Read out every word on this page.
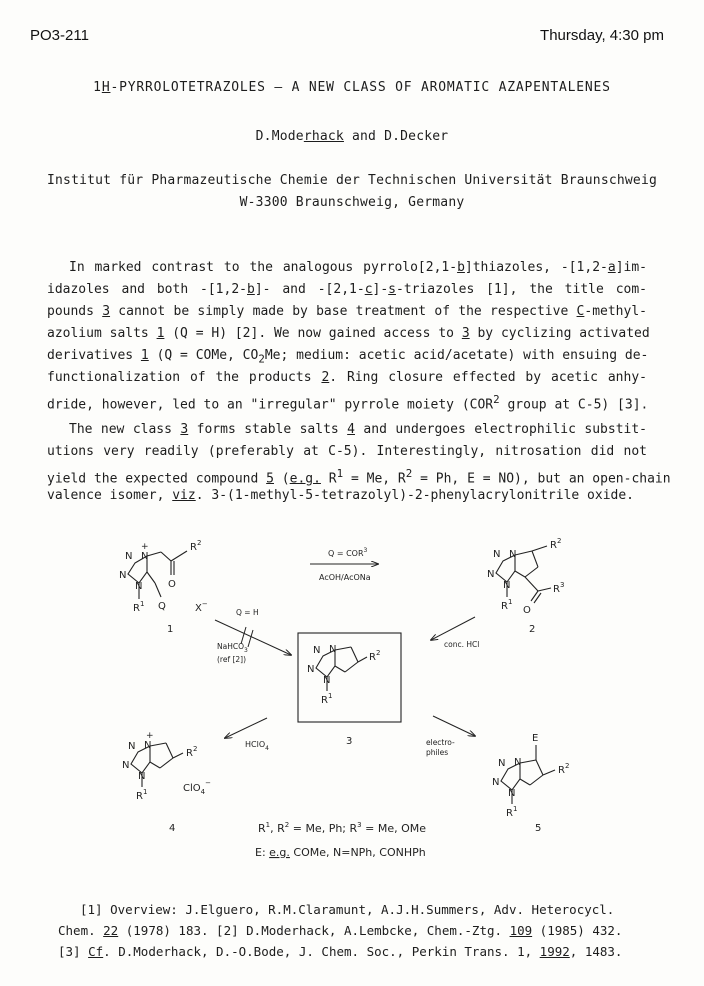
PO3-211	Thursday, 4:30 pm
1H-PYRROLOTETRAZOLES — A NEW CLASS OF AROMATIC AZAPENTALENES
D.Moderhack and D.Decker
Institut für Pharmazeutische Chemie der Technischen Universität Braunschweig
W-3300 Braunschweig, Germany
In marked contrast to the analogous pyrrolo[2,1-b]thiazoles, -[1,2-a]im-
idazoles and both -[1,2-b]- and -[2,1-c]-s-triazoles [1], the title com-
pounds 3 cannot be simply made by base treatment of the respective C-methyl-
azolium salts 1 (Q = H) [2]. We now gained access to 3 by cyclizing activated
derivatives 1 (Q = COMe, $CO_2Me$; medium: acetic acid/acetate) with ensuing de-
functionalization of the products 2. Ring closure effected by acetic anhy-
dride, however, led to an "irregular" pyrrole moiety (COR$^2$ group at C-5) [3].
The new class 3 forms stable salts 4 and undergoes electrophilic substit-
utions very readily (preferably at C-5). Interestingly, nitrosation did not
yield the expected compound 5 (e.g. $R^1 = Me$, $R^2 = Ph$, E = NO), but an open-chain
valence isomer, viz. 3-(1-methyl-5-tetrazolyl)-2-phenylacrylonitrile oxide.
N N
+
N
N
$R^2$
O
Q
$R^1$	X−
1
$Q = COR^3$
AcOH/AcONa
N N
N
N
$R^2$
O
$R^3$
$R^1$
2
Q = H
NaHCO$_3$
(ref [2])
conc. HCl
N N
N
N
$R^2$
$R^1$
3
HClO$_4$
electro-
philes
N N
+
N
N
$R^2$
$R^1$	ClO$_4$−
4
E
N N
N
N
$R^2$
$R^1$
5
$R^1$, $R^2 = Me$, Ph; $R^3 = Me$, OMe
E: e.g. COMe, N=NPh, CONHPh
[1] Overview: J.Elguero, R.M.Claramunt, A.J.H.Summers, Adv. Heterocycl.
Chem. 22 (1978) 183. [2] D.Moderhack, A.Lembcke, Chem.-Ztg. 109 (1985) 432.
[3] Cf. D.Moderhack, D.-O.Bode, J. Chem. Soc., Perkin Trans. 1, 1992, 1483.
